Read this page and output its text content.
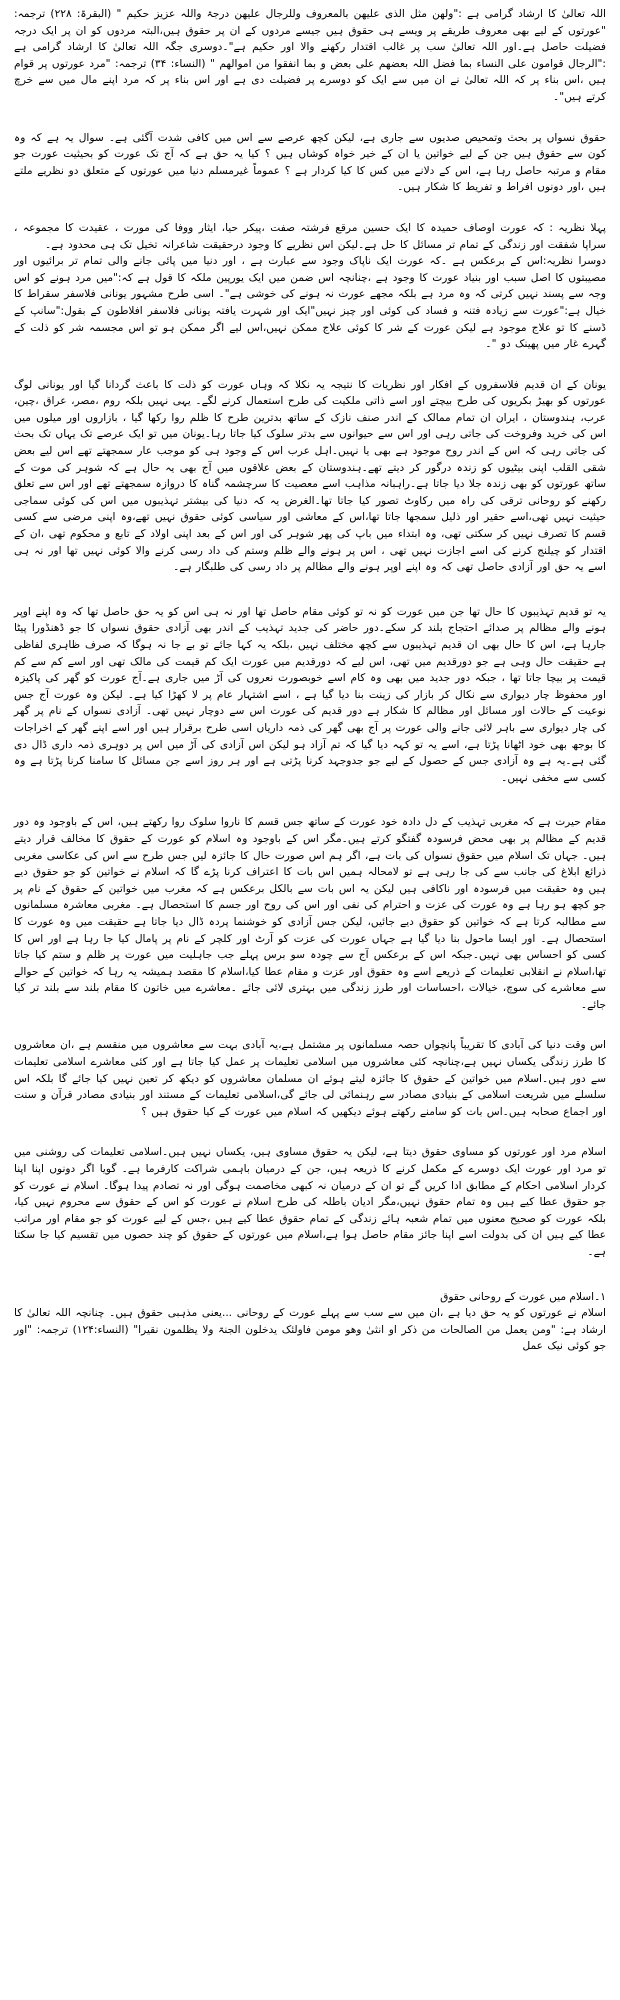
اللہ تعالیٰ کا ارشاد گرامی ہے :"ولھن مثل الذی علیھن بالمعروف وللرجال علیھن درجۃ واللہ عزیز حکیم " (البقرۃ: ۲۲۸) ترجمہ: "عورتوں کے لیے بھی معروف طریقے پر ویسے ہی حقوق ہیں جیسے مردوں کے ان پر حقوق ہیں،البتہ مردوں کو ان پر ایک درجہ فضیلت حاصل ہے۔اور اللہ تعالیٰ سب پر غالب اقتدار رکھنے والا اور حکیم ہے"۔دوسری جگہ اللہ تعالیٰ کا ارشاد گرامی ہے :"الرجال قوامون علی النساء بما فضل اللہ بعضھم علی بعض و بما انفقوا من اموالھم " (النساء: ۳۴) ترجمہ: "مرد عورتوں پر قوام ہیں ،اس بناء پر کہ اللہ تعالیٰ نے ان میں سے ایک کو دوسرے پر فضیلت دی ہے اور اس بناء پر کہ مرد اپنے مال میں سے خرچ کرتے ہیں"۔

حقوق نسواں پر بحث وتمحیص صدیوں سے جاری ہے، لیکن کچھ عرصے سے اس میں کافی شدت آگئی ہے۔ سوال یہ ہے کہ وہ کون سے حقوق ہیں جن کے لیے خواتین یا ان کے خیر خواہ کوشاں ہیں ؟ کیا یہ حق ہے کہ آج تک عورت کو بحیثیت عورت جو مقام و مرتبہ حاصل رہا ہے، اس کے دلانے میں کس کا کیا کردار ہے ؟ عموماً غیرمسلم دنیا میں عورتوں کے متعلق دو نظریے ملتے ہیں ،اور دونوں افراط و تفریط کا شکار ہیں۔

پہلا نظریہ : کہ عورت اوصاف حمیدہ کا ایک حسین مرقع فرشتہ صفت ،پیکر حیا، ایثار ووفا کی مورت ، عقیدت کا مجموعہ ، سراپا شفقت اور زندگی کے تمام تر مسائل کا حل ہے۔لیکن اس نظریے کا وجود درحقیقت شاعرانہ تخیل تک ہی محدود ہے۔

دوسرا نظریہ:اس کے برعکس ہے ۔کہ عورت ایک ناپاک وجود سے عبارت ہے ، اور دنیا میں پائی جانے والی تمام تر برائیوں اور مصیبتوں کا اصل سبب اور بنیاد عورت کا وجود ہے ،چنانچہ اس ضمن میں ایک یورپین ملکہ کا قول ہے کہ:"میں مرد ہونے کو اس وجہ سے پسند نہیں کرتی کہ وہ مرد ہے بلکہ مجھے عورت نہ ہونے کی خوشی ہے"۔ اسی طرح مشہور یونانی فلاسفر سقراط کا خیال ہے:"عورت سے زیادہ فتنہ و فساد کی کوئی اور چیز نہیں"ایک اور شہرت یافتہ یونانی فلاسفر افلاطون کے بقول:"سانپ کے ڈسنے کا تو علاج موجود ہے لیکن عورت کے شر کا کوئی علاج ممکن نہیں،اس لیے اگر ممکن ہو تو اس مجسمہ شر کو ذلت کے گہرے غار میں پھینک دو "۔

یونان کے ان قدیم فلاسفروں کے افکار اور نظریات کا نتیجہ یہ نکلا کہ وہاں عورت کو ذلت کا باعث گردانا گیا اور یونانی لوگ عورتوں کو بھیڑ بکریوں کی طرح بیچتے اور اسے ذاتی ملکیت کی طرح استعمال کرنے لگے۔ یہی نہیں بلکہ روم ،مصر، عراق ،چین، عرب، ہندوستان ، ایران ان تمام ممالک کے اندر صنف نازک کے ساتھ بدترین طرح کا ظلم روا رکھا گیا ، بازاروں اور میلوں میں اس کی خرید وفروخت کی جاتی رہی اور اس سے حیوانوں سے بدتر سلوک کیا جاتا رہا۔یونان میں تو ایک عرصے تک یہاں تک بحث کی جاتی رہی کہ اس کے اندر روح موجود ہے بھی یا نہیں۔اہل عرب اس کے وجود ہی کو موجب عار سمجھتے تھے اس لیے بعض شقی القلب اپنی بیٹیوں کو زندہ درگور کر دیتے تھے۔ہندوستان کے بعض علاقوں میں آج بھی یہ حال ہے کہ شوہر کی موت کے ساتھ عورتوں کو بھی زندہ جلا دیا جاتا ہے۔راہبانہ مذاہب اسے معصیت کا سرچشمہ گناہ کا دروازہ سمجھتے تھے اور اس سے تعلق رکھنے کو روحانی ترقی کی راہ میں رکاوٹ تصور کیا جاتا تھا۔الغرض یہ کہ دنیا کی بیشتر تہذیبوں میں اس کی کوئی سماجی حیثیت نہیں تھی،اسے حقیر اور ذلیل سمجھا جاتا تھا،اس کے معاشی اور سیاسی کوئی حقوق نہیں تھے،وہ اپنی مرضی سے کسی قسم کا تصرف نہیں کر سکتی تھی، وہ ابتداء میں باپ کی پھر شوہر کی اور اس کے بعد اپنی اولاد کے تابع و محکوم تھی ،ان کے اقتدار کو چیلنج کرنے کی اسے اجازت نہیں تھی ، اس پر ہونے والے ظلم وستم کی داد رسی کرنے والا کوئی نہیں تھا اور نہ ہی اسے یہ حق اور آزادی حاصل تھی کہ وہ اپنے اوپر ہونے والے مظالم پر داد رسی کی طلبگار ہے۔

یہ تو قدیم تہذیبوں کا حال تھا جن میں عورت کو نہ تو کوئی مقام حاصل تھا اور نہ ہی اس کو یہ حق حاصل تھا کہ وہ اپنے اوپر ہونے والے مظالم پر صدائے احتجاج بلند کر سکے۔دور حاضر کی جدید تہذیب کے اندر بھی آزادی حقوق نسواں کا جو ڈھنڈورا پیٹا جارہا ہے، اس کا حال بھی ان قدیم تہذیبوں سے کچھ مختلف نہیں ،بلکہ یہ کہا جائے تو بے جا نہ ہوگا کہ صرف ظاہری لفاظی ہے حقیقت حال وہی ہے جو دورقدیم میں تھی، اس لیے کہ دورقدیم میں عورت ایک کم قیمت کی مالک تھی اور اسے کم سے کم قیمت پر بیچا جاتا تھا ، جبکہ دور جدید میں بھی وہ کام اسے خوبصورت نعروں کی آڑ میں جاری ہے۔آج عورت کو گھر کی پاکیزہ اور محفوظ چار دیواری سے نکال کر بازار کی زینت بنا دیا گیا ہے ، اسے اشتہار عام پر لا کھڑا کیا ہے۔ لیکن وہ عورت آج جس نوعیت کے حالات اور مسائل اور مظالم کا شکار ہے دور قدیم کی عورت اس سے دوچار نہیں تھی۔ آزادی نسواں کے نام پر گھر کی چار دیواری سے باہر لائی جانے والی عورت پر آج بھی گھر کی ذمہ داریاں اسی طرح برقرار ہیں اور اسے اپنے گھر کے اخراجات کا بوجھ بھی خود اٹھانا پڑتا ہے، اسے یہ تو کہہ دیا گیا کہ تم آزاد ہو لیکن اس آزادی کی آڑ میں اس پر دوہری ذمہ داری ڈال دی گئی ہے۔یہ ہے وہ آزادی جس کے حصول کے لیے جو جدوجہد کرنا پڑتی ہے اور ہر روز اسے جن مسائل کا سامنا کرنا پڑتا ہے وہ کسی سے مخفی نہیں۔

مقام حیرت ہے کہ مغربی تہذیب کے دل دادہ خود عورت کے ساتھ جس قسم کا ناروا سلوک روا رکھتے ہیں، اس کے باوجود وہ دور قدیم کے مظالم پر بھی محض فرسودہ گفتگو کرتے ہیں۔مگر اس کے باوجود وہ اسلام کو عورت کے حقوق کا مخالف قرار دیتے ہیں۔ جہاں تک اسلام میں حقوق نسواں کی بات ہے، اگر ہم اس صورت حال کا جائزہ لیں جس طرح سے اس کی عکاسی مغربی ذرائع ابلاغ کی جانب سے کی جا رہی ہے تو لامحالہ ہمیں اس بات کا اعتراف کرنا پڑے گا کہ اسلام نے خواتین کو جو حقوق دیے ہیں وہ حقیقت میں فرسودہ اور ناکافی ہیں لیکن یہ اس بات سے بالکل برعکس ہے کہ مغرب میں خواتین کے حقوق کے نام پر جو کچھ ہو رہا ہے وہ عورت کی عزت و احترام کی نفی اور اس کی روح اور جسم کا استحصال ہے۔ مغربی معاشرہ مسلمانوں سے مطالبہ کرتا ہے کہ خواتین کو حقوق دیے جائیں، لیکن جس آزادی کو خوشنما پردہ ڈال دیا جاتا ہے حقیقت میں وہ عورت کا استحصال ہے۔ اور ایسا ماحول بنا دیا گیا ہے جہاں عورت کی عزت کو آرٹ اور کلچر کے نام پر پامال کیا جا رہا ہے اور اس کا کسی کو احساس بھی نہیں۔جبکہ اس کے برعکس آج سے چودہ سو برس پہلے جب جاہلیت میں عورت پر ظلم و ستم کیا جاتا تھا،اسلام نے انقلابی تعلیمات کے ذریعے اسے وہ حقوق اور عزت و مقام عطا کیا،اسلام کا مقصد ہمیشہ یہ رہا کہ خواتین کے حوالے سے معاشرے کی سوچ، خیالات ،احساسات اور طرز زندگی میں بہتری لائی جائے ۔معاشرے میں خاتون کا مقام بلند سے بلند تر کیا جائے۔

اس وقت دنیا کی آبادی کا تقریباً پانچواں حصہ مسلمانوں پر مشتمل ہے،یہ آبادی بہت سے معاشروں میں منقسم ہے ،ان معاشروں کا طرز زندگی یکساں نہیں ہے،چنانچہ کئی معاشروں میں اسلامی تعلیمات پر عمل کیا جاتا ہے اور کئی معاشرے اسلامی تعلیمات سے دور ہیں۔اسلام میں خواتین کے حقوق کا جائزہ لیتے ہوئے ان مسلمان معاشروں کو دیکھ کر تعین نہیں کیا جائے گا بلکہ اس سلسلے میں شریعت اسلامی کے بنیادی مصادر سے رہنمائی لی جائے گی،اسلامی تعلیمات کے مستند اور بنیادی مصادر قرآن و سنت اور اجماع صحابہ ہیں۔اس بات کو سامنے رکھتے ہوئے دیکھیں کہ اسلام میں عورت کے کیا حقوق ہیں ؟

اسلام مرد اور عورتوں کو مساوی حقوق دیتا ہے، لیکن یہ حقوق مساوی ہیں، یکساں نہیں ہیں۔اسلامی تعلیمات کی روشنی میں تو مرد اور عورت ایک دوسرے کے مکمل کرنے کا ذریعہ ہیں، جن کے درمیان باہمی شراکت کارفرما ہے۔ گویا اگر دونوں اپنا اپنا کردار اسلامی احکام کے مطابق ادا کریں گے تو ان کے درمیان نہ کبھی مخاصمت ہوگی اور نہ تصادم پیدا ہوگا۔ اسلام نے عورت کو جو حقوق عطا کیے ہیں وہ تمام حقوق نہیں،مگر ادیان باطلہ کی طرح اسلام نے عورت کو اس کے حقوق سے محروم نہیں کیا، بلکہ عورت کو صحیح معنوں میں تمام شعبہ ہائے زندگی کے تمام حقوق عطا کیے ہیں ،جس کے لیے عورت کو جو مقام اور مراتب عطا کیے ہیں ان کی بدولت اسے اپنا جائز مقام حاصل ہوا ہے،اسلام میں عورتوں کے حقوق کو چند حصوں میں تقسیم کیا جا سکتا ہے۔

۱۔اسلام میں عورت کے روحانی حقوق

اسلام نے عورتوں کو یہ حق دیا ہے ،ان میں سے سب سے پہلے عورت کے روحانی ...یعنی مذہبی حقوق ہیں۔ چنانچہ اللہ تعالیٰ کا ارشاد ہے: "ومن یعمل من الصالحات من ذکر او انثیٰ وھو مومن فاولئک یدخلون الجنۃ ولا یظلمون نقیرا" (النساء:۱۲۴) ترجمہ: "اور جو کوئی نیک عمل
